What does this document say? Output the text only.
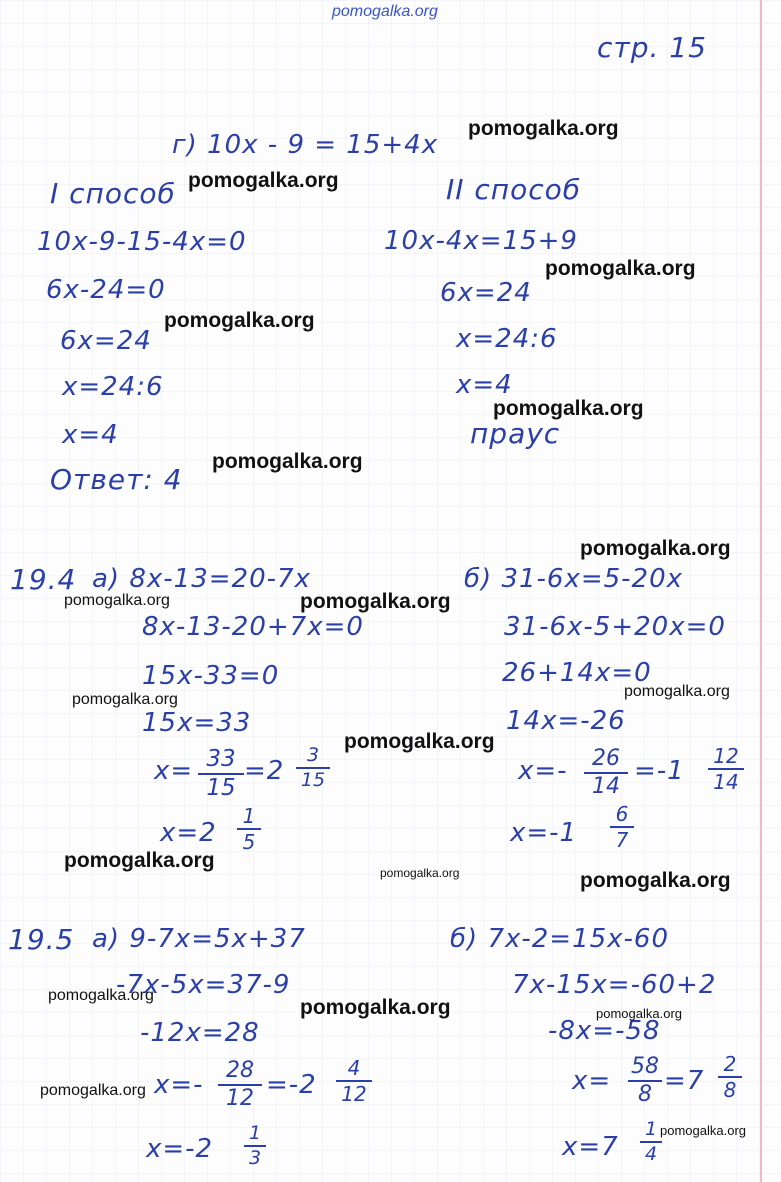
pomogalka.org
стр. 15
г) 10x - 9 = 15+4x
I способ	II способ
10x-9-15-4x=0
6x-24=0
6x=24
x=24:6
x=4
Ответ: 4
10x-4x=15+9
6x=24
x=24:6
x=4
праус
19.4 а) 8x-13=20-7x
8x-13-20+7x=0
15x-33=0
15x=33
x= 33
15
=2
3
15
x=2
1
5
б) 31-6x=5-20x
31-6x-5+20x=0
26+14x=0
14x=-26
x=-	26
14
=-1 12
14
x=-1
6
7
19.5 а) 9-7x=5x+37
-7x-5x=37-9
-12x=28
x=-	28
12 =-2
4
12
x=-2
1
3
б) 7x-2=15x-60
7x-15x=-60+2
-8x=-58
x= 58
8 =7
2
8
x=7
1
4
pomogalka.org
pomogalka.org
pomogalka.org
pomogalka.org
pomogalka.org
pomogalka.org
pomogalka.org
pomogalka.org	pomogalka.org
pomogalka.org
pomogalka.org
pomogalka.org
pomogalka.org
pomogalka.org	pomogalka.org
pomogalka.org
pomogalka.org	pomogalka.org
pomogalka.org
pomogalka.org
